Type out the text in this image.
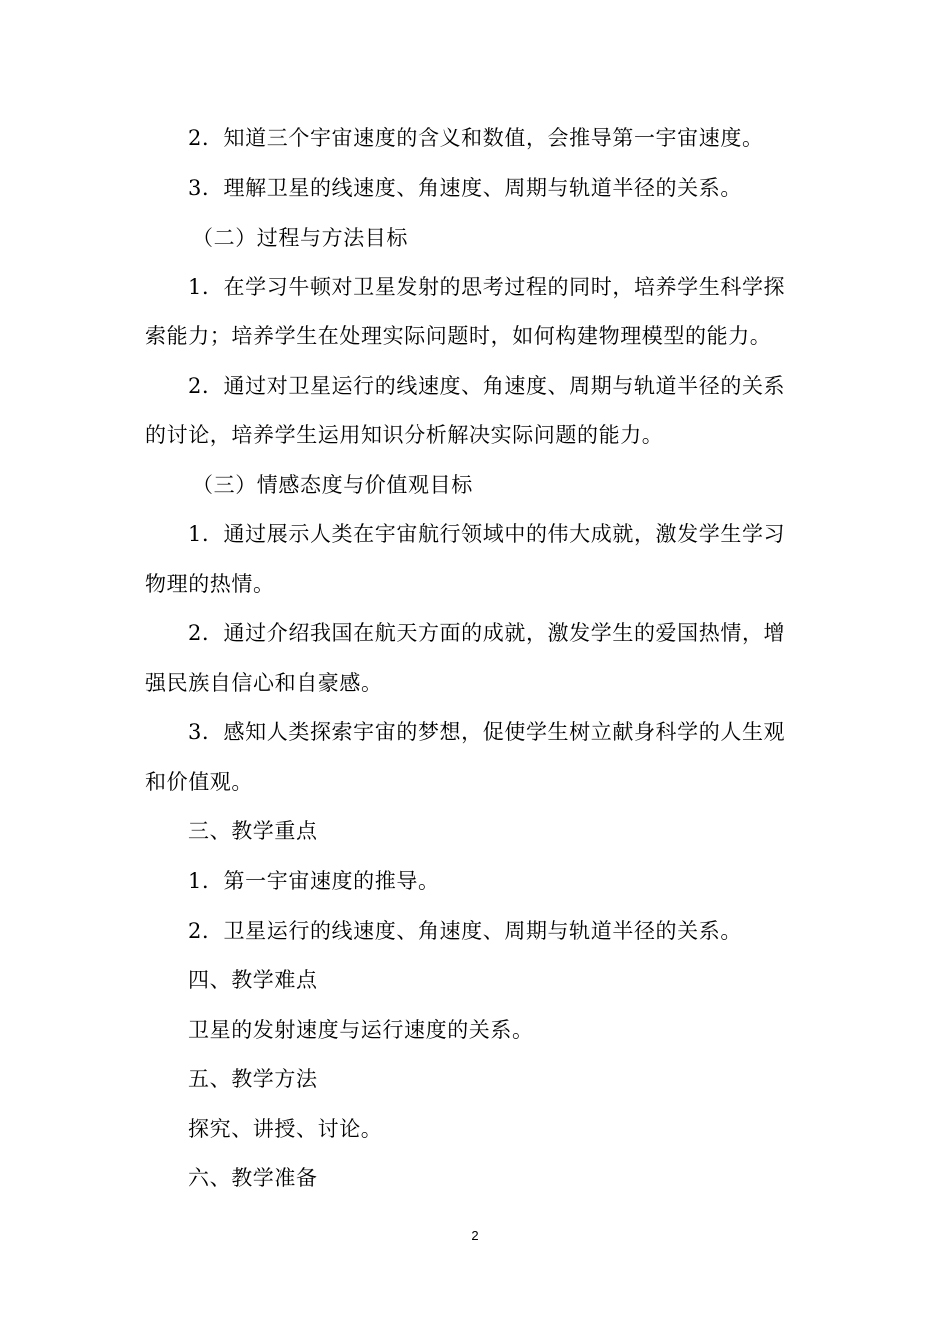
2．知道三个宇宙速度的含义和数值，会推导第一宇宙速度。
3．理解卫星的线速度、角速度、周期与轨道半径的关系。
（二）过程与方法目标
1．在学习牛顿对卫星发射的思考过程的同时，培养学生科学探
索能力；培养学生在处理实际问题时，如何构建物理模型的能力。
2．通过对卫星运行的线速度、角速度、周期与轨道半径的关系
的讨论，培养学生运用知识分析解决实际问题的能力。
（三）情感态度与价值观目标
1．通过展示人类在宇宙航行领域中的伟大成就，激发学生学习
物理的热情。
2．通过介绍我国在航天方面的成就，激发学生的爱国热情，增
强民族自信心和自豪感。
3．感知人类探索宇宙的梦想，促使学生树立献身科学的人生观
和价值观。
三、教学重点
1．第一宇宙速度的推导。
2．卫星运行的线速度、角速度、周期与轨道半径的关系。
四、教学难点
卫星的发射速度与运行速度的关系。
五、教学方法
探究、讲授、讨论。
六、教学准备
2
